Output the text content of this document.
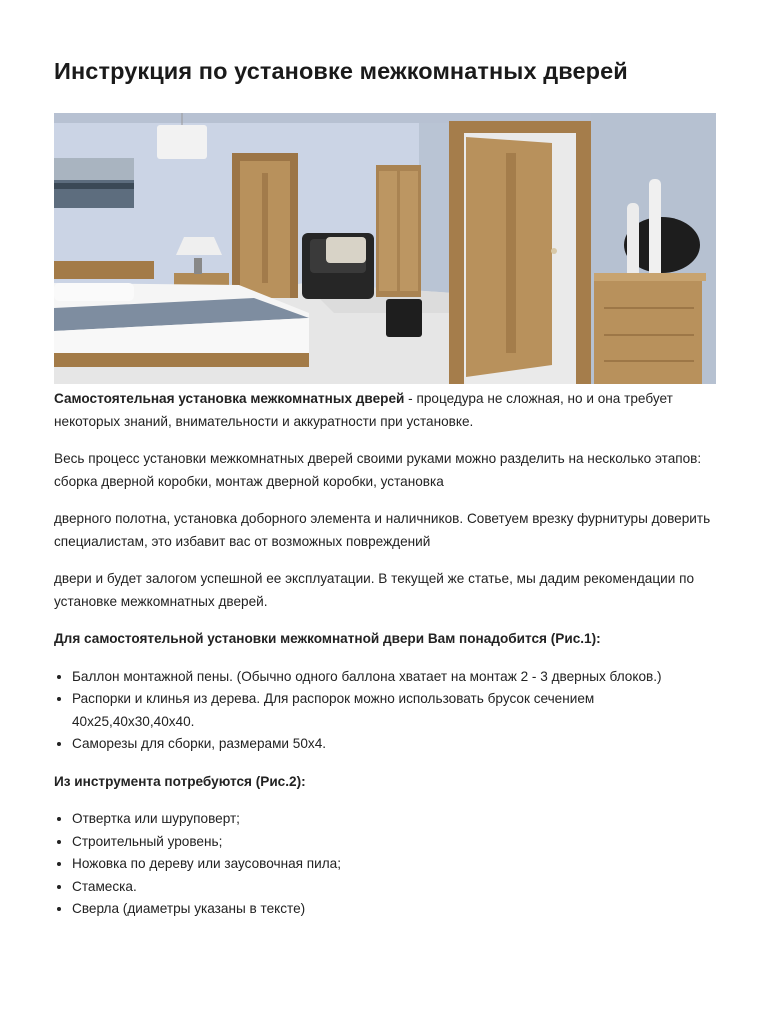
Инструкция по установке межкомнатных дверей

Самостоятельная установка межкомнатных дверей - процедура не сложная, но и она требует некоторых знаний, внимательности и аккуратности при установке.

Весь процесс установки межкомнатных дверей своими руками можно разделить на несколько этапов: сборка дверной коробки, монтаж дверной коробки, установка

дверного полотна, установка доборного элемента и наличников. Советуем врезку фурнитуры доверить специалистам, это избавит вас от возможных повреждений

двери и будет залогом успешной ее эксплуатации. В текущей же статье, мы дадим рекомендации по установке межкомнатных дверей.

Для самостоятельной установки межкомнатной двери Вам понадобится (Рис.1):

• Баллон монтажной пены. (Обычно одного баллона хватает на монтаж 2 - 3 дверных блоков.)
• Распорки и клинья из дерева. Для распорок можно использовать брусок сечением 40х25,40х30,40х40.
• Саморезы для сборки, размерами 50х4.

Из инструмента потребуются (Рис.2):

• Отвертка или шуруповерт;
• Строительный уровень;
• Ножовка по дереву или заусовочная пила;
• Стамеска.
• Сверла (диаметры указаны в тексте)
